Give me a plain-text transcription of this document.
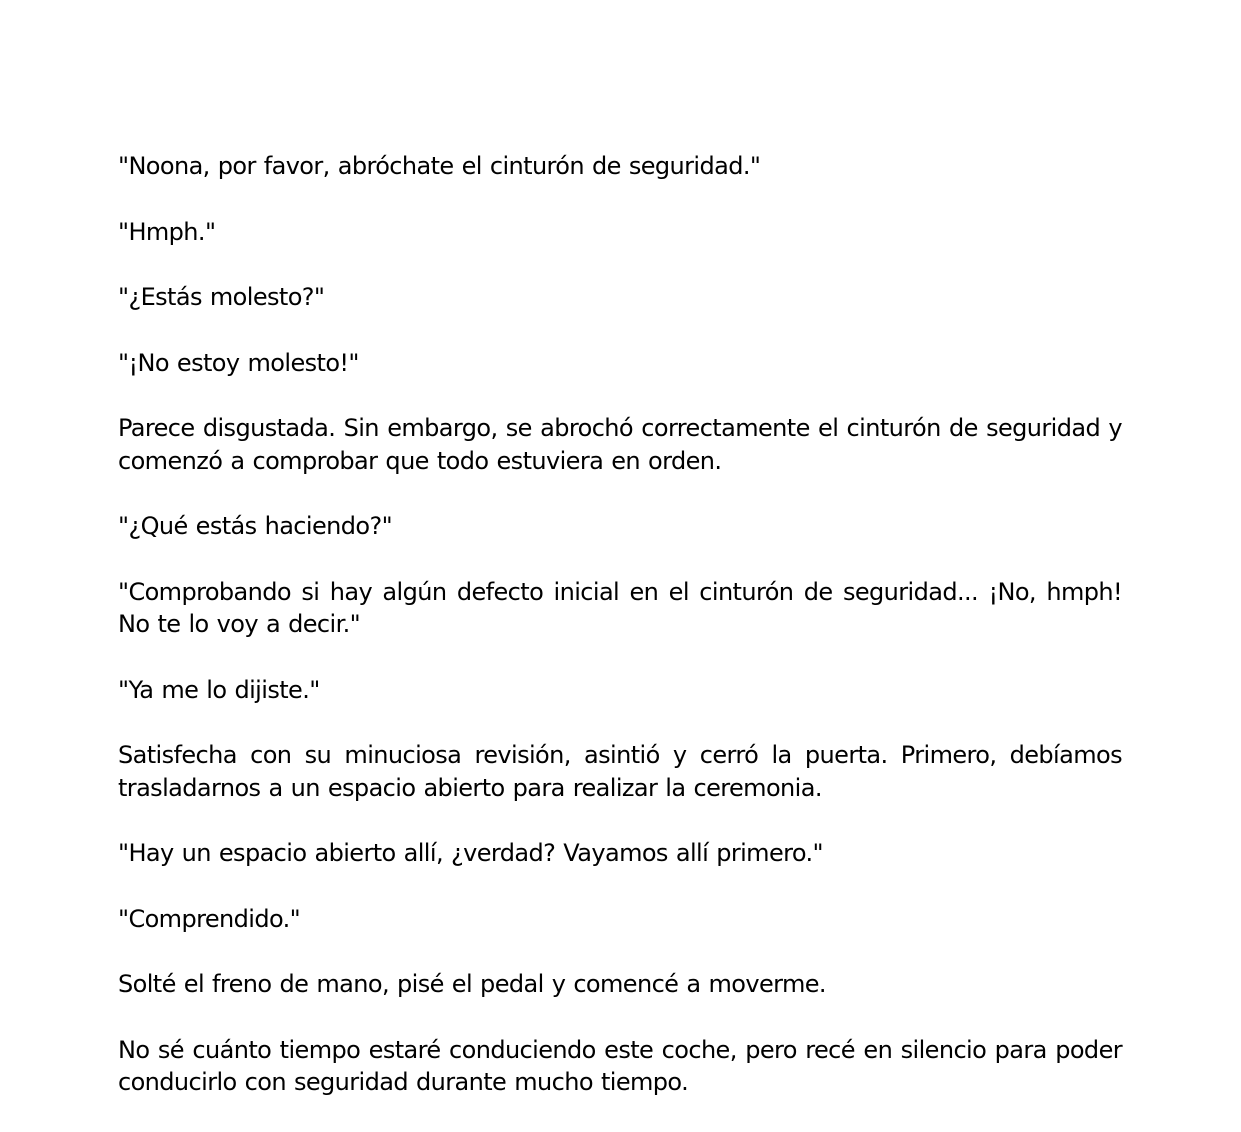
"Noona, por favor, abróchate el cinturón de seguridad."

"Hmph."

"¿Estás molesto?"

"¡No estoy molesto!"

Parece disgustada. Sin embargo, se abrochó correctamente el cinturón de seguridad y comenzó a comprobar que todo estuviera en orden.

"¿Qué estás haciendo?"

"Comprobando si hay algún defecto inicial en el cinturón de seguridad... ¡No, hmph! No te lo voy a decir."

"Ya me lo dijiste."

Satisfecha con su minuciosa revisión, asintió y cerró la puerta. Primero, debíamos trasladarnos a un espacio abierto para realizar la ceremonia.

"Hay un espacio abierto allí, ¿verdad? Vayamos allí primero."

"Comprendido."

Solté el freno de mano, pisé el pedal y comencé a moverme.

No sé cuánto tiempo estaré conduciendo este coche, pero recé en silencio para poder conducirlo con seguridad durante mucho tiempo.
